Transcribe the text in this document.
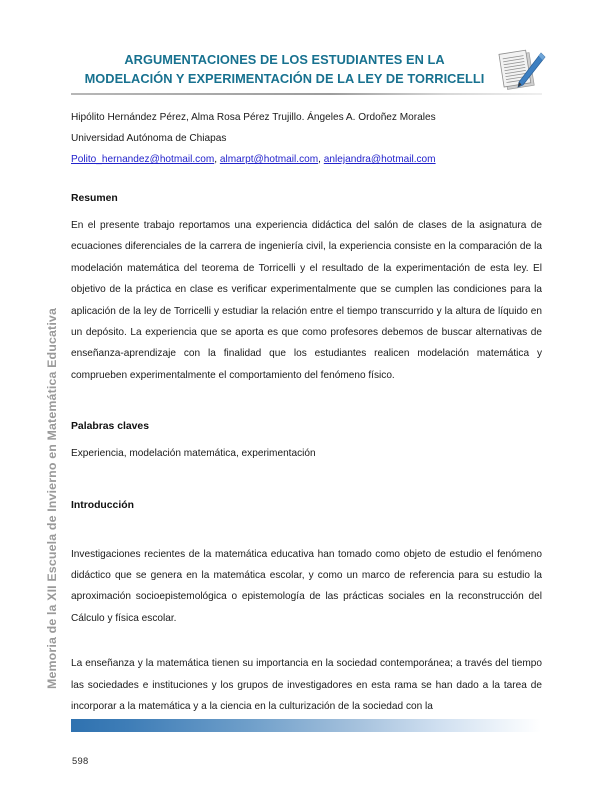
Memoria de la XII Escuela de Invierno en Matemática Educativa
ARGUMENTACIONES DE LOS ESTUDIANTES EN LA
MODELACIÓN Y EXPERIMENTACIÓN DE LA LEY DE TORRICELLI
Hipólito Hernández Pérez, Alma Rosa Pérez Trujillo. Ángeles A. Ordoñez Morales
Universidad Autónoma de Chiapas
Polito_hernandez@hotmail.com, almarpt@hotmail.com, anlejandra@hotmail.com
Resumen

En el presente trabajo reportamos una experiencia didáctica del salón de clases de la asignatura de ecuaciones diferenciales de la carrera de ingeniería civil, la experiencia consiste en la comparación de la modelación matemática del teorema de Torricelli y el resultado de la experimentación de esta ley. El objetivo de la práctica en clase es verificar experimentalmente que se cumplen las condiciones para la aplicación de la ley de Torricelli y estudiar la relación entre el tiempo transcurrido y la altura de líquido en un depósito. La experiencia que se aporta es que como profesores debemos de buscar alternativas de enseñanza-aprendizaje con la finalidad que los estudiantes realicen modelación matemática y comprueben experimentalmente el comportamiento del fenómeno físico.

Palabras claves

Experiencia, modelación matemática, experimentación

Introducción

Investigaciones recientes de la matemática educativa han tomado como objeto de estudio el fenómeno didáctico que se genera en la matemática escolar, y como un marco de referencia para su estudio la aproximación socioepistemológica o epistemología de las prácticas sociales en la reconstrucción del Cálculo y física escolar.

La enseñanza y la matemática tienen su importancia en la sociedad contemporánea; a través del tiempo las sociedades e instituciones y los grupos de investigadores en esta rama se han dado a la tarea de incorporar a la matemática y a la ciencia en la culturización de la sociedad con la

598
